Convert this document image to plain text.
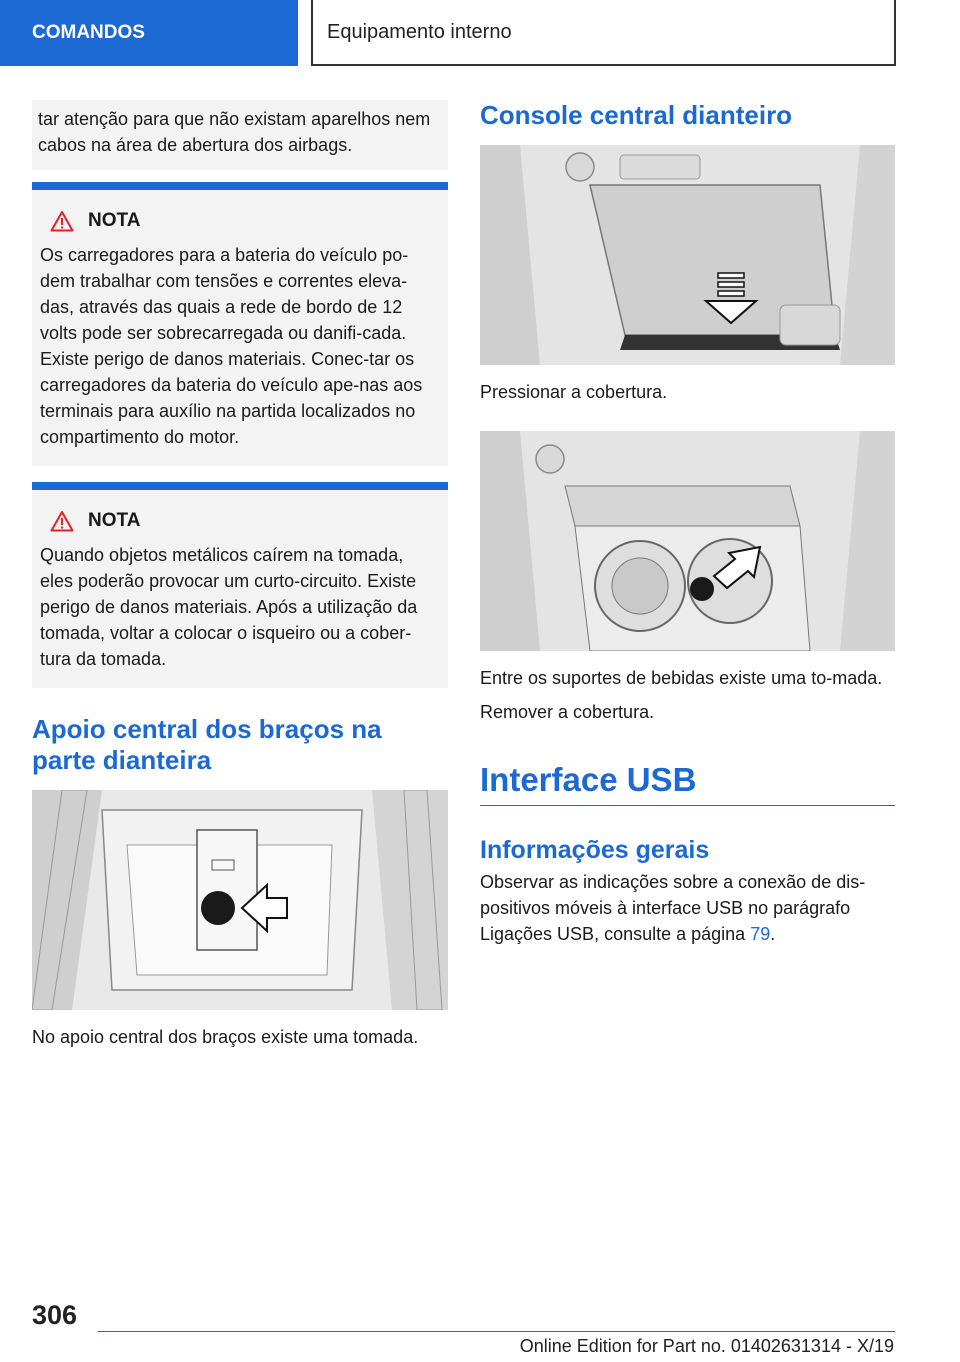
COMANDOS	Equipamento interno

tar atenção para que não existam aparelhos nem cabos na área de abertura dos airbags.

NOTA

Os carregadores para a bateria do veículo po-dem trabalhar com tensões e correntes eleva-das, através das quais a rede de bordo de 12 volts pode ser sobrecarregada ou danifi-cada. Existe perigo de danos materiais. Conec-tar os carregadores da bateria do veículo ape-nas aos terminais para auxílio na partida localizados no compartimento do motor.

NOTA

Quando objetos metálicos caírem na tomada, eles poderão provocar um curto-circuito. Existe perigo de danos materiais. Após a utilização da tomada, voltar a colocar o isqueiro ou a cober-tura da tomada.

Apoio central dos braços na parte dianteira

No apoio central dos braços existe uma tomada.

Console central dianteiro

Pressionar a cobertura.

Entre os suportes de bebidas existe uma to-mada.

Remover a cobertura.

Interface USB
Informações gerais

Observar as indicações sobre a conexão de dis-positivos móveis à interface USB no parágrafo Ligações USB, consulte a página 79.

306
Online Edition for Part no. 01402631314 - X/19
